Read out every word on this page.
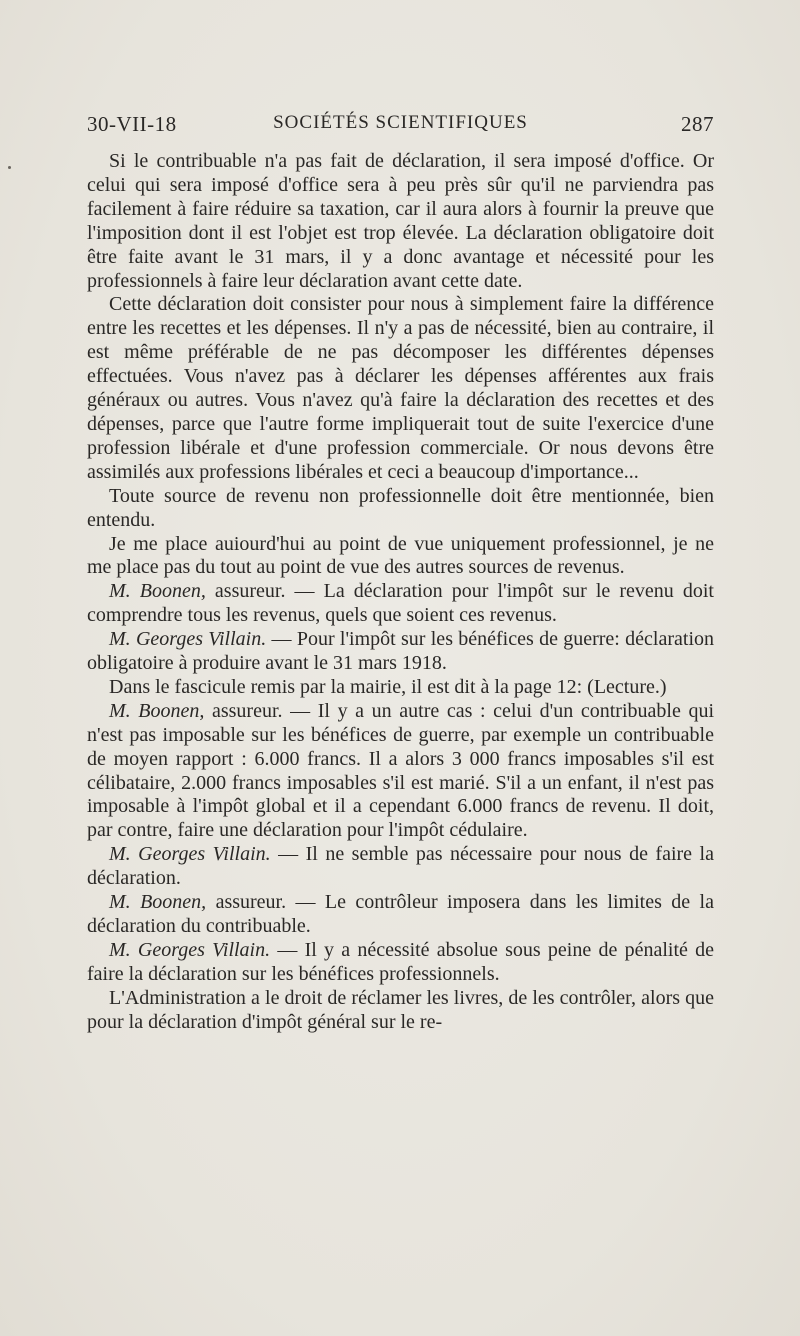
30-VII-18	SOCIÉTÉS SCIENTIFIQUES	287

Si le contribuable n'a pas fait de déclaration, il sera imposé d'office. Or celui qui sera imposé d'office sera à peu près sûr qu'il ne parviendra pas facilement à faire réduire sa taxation, car il aura alors à fournir la preuve que l'imposition dont il est l'objet est trop élevée. La déclaration obligatoire doit être faite avant le 31 mars, il y a donc avantage et nécessité pour les professionnels à faire leur déclaration avant cette date.

Cette déclaration doit consister pour nous à simplement faire la différence entre les recettes et les dépenses. Il n'y a pas de nécessité, bien au contraire, il est même préférable de ne pas décomposer les différentes dépenses effectuées. Vous n'avez pas à déclarer les dépenses afférentes aux frais généraux ou autres. Vous n'avez qu'à faire la déclaration des recettes et des dépenses, parce que l'autre forme impliquerait tout de suite l'exercice d'une profession libérale et d'une profession commerciale. Or nous devons être assimilés aux professions libérales et ceci a beaucoup d'importance...

Toute source de revenu non professionnelle doit être mentionnée, bien entendu.

Je me place auiourd'hui au point de vue uniquement professionnel, je ne me place pas du tout au point de vue des autres sources de revenus.

M. Boonen, assureur. — La déclaration pour l'impôt sur le revenu doit comprendre tous les revenus, quels que soient ces revenus.

M. Georges Villain. — Pour l'impôt sur les bénéfices de guerre: déclaration obligatoire à produire avant le 31 mars 1918.

Dans le fascicule remis par la mairie, il est dit à la page 12: (Lecture.)

M. Boonen, assureur. — Il y a un autre cas : celui d'un contribuable qui n'est pas imposable sur les bénéfices de guerre, par exemple un contribuable de moyen rapport : 6.000 francs. Il a alors 3 000 francs imposables s'il est célibataire, 2.000 francs imposables s'il est marié. S'il a un enfant, il n'est pas imposable à l'impôt global et il a cependant 6.000 francs de revenu. Il doit, par contre, faire une déclaration pour l'impôt cédulaire.

M. Georges Villain. — Il ne semble pas nécessaire pour nous de faire la déclaration.

M. Boonen, assureur. — Le contrôleur imposera dans les limites de la déclaration du contribuable.

M. Georges Villain. — Il y a nécessité absolue sous peine de pénalité de faire la déclaration sur les bénéfices professionnels.

L'Administration a le droit de réclamer les livres, de les contrôler, alors que pour la déclaration d'impôt général sur le re-
